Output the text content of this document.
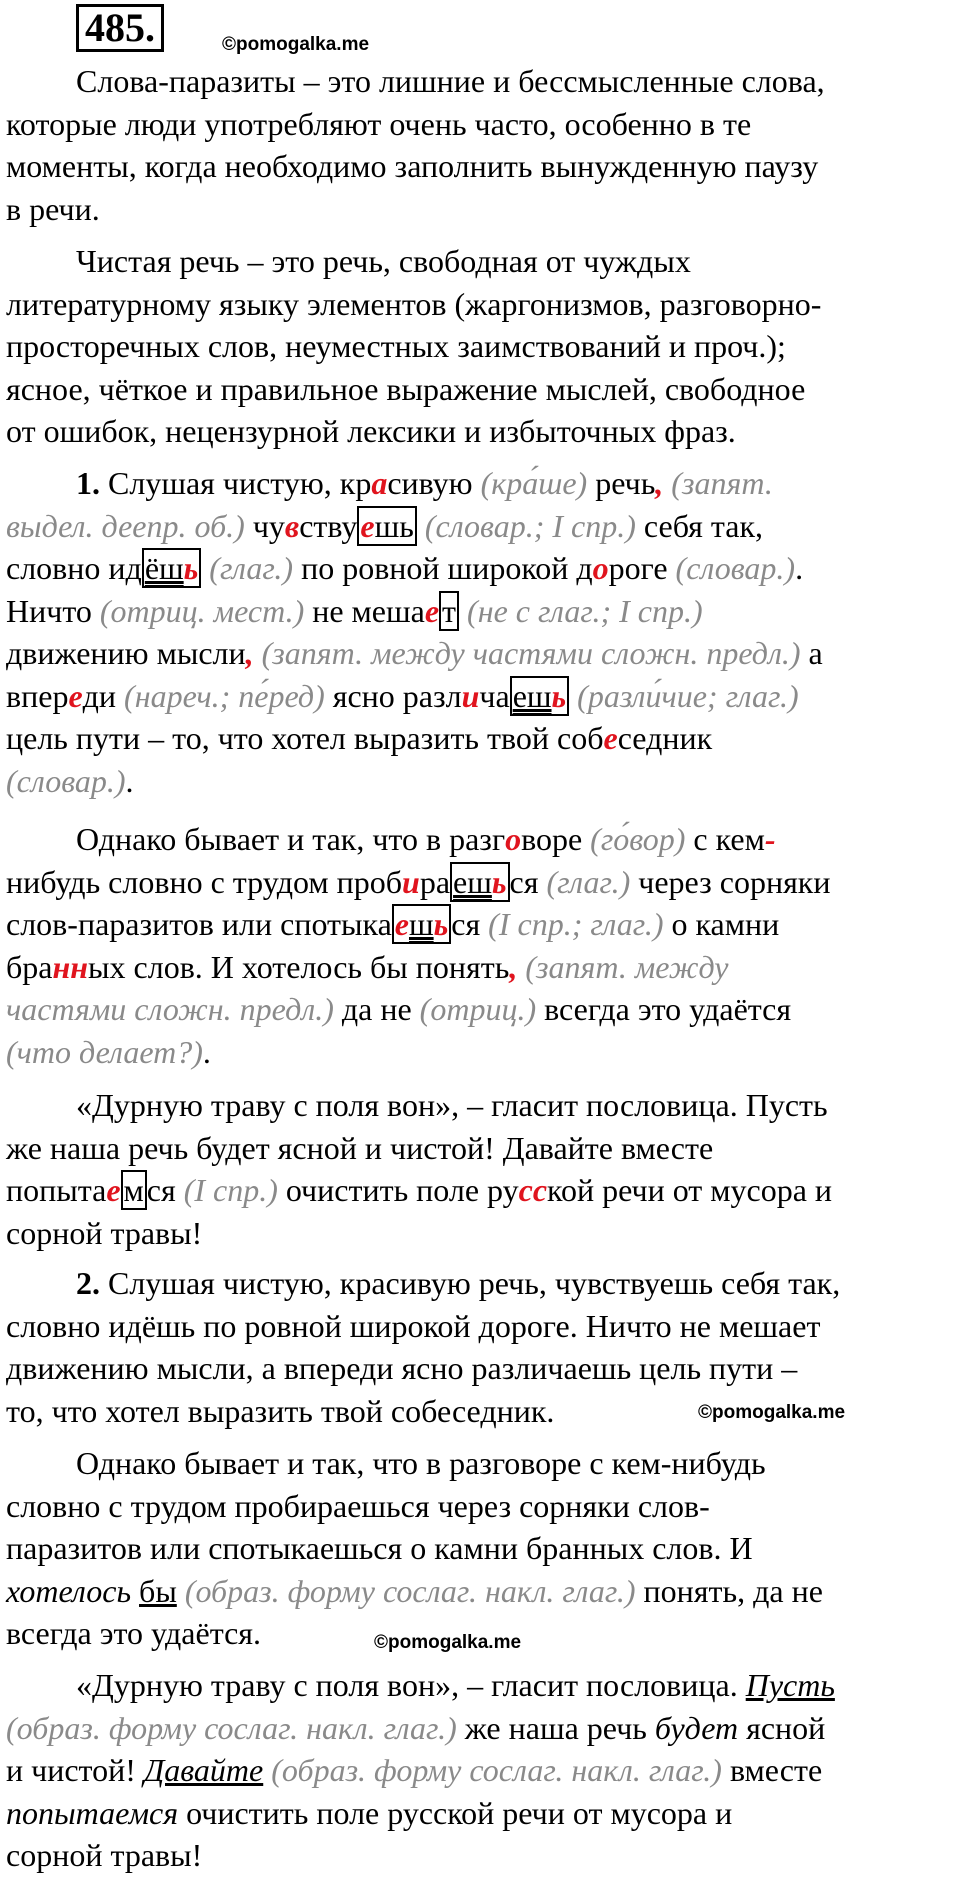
485.	©pomogalka.me

Слова-паразиты – это лишние и бессмысленные слова,
которые люди употребляют очень часто, особенно в те
моменты, когда необходимо заполнить вынужденную паузу
в речи.

Чистая речь – это речь, свободная от чуждых
литературному языку элементов (жаргонизмов, разговорно-
просторечных слов, неуместных заимствований и проч.);
ясное, чёткое и правильное выражение мыслей, свободное
от ошибок, нецензурной лексики и избыточных фраз.

1. Слушая чистую, красивую (кра́ше) речь, (запят.
выдел. деепр. об.) чувствуешь (словар.; I спр.) себя так,
словно идёшь (глаг.) по ровной широкой дороге (словар.).
Ничто (отриц. мест.) не мешaет (не с глаг.; I спр.)
движению мысли, (запят. между частями сложн. предл.) а
впереди (нареч.; пе́ред) ясно различаешь (разли́чие; глаг.)
цель пути – то, что хотел выразить твой собеседник
(словар.).

Однако бывает и так, что в разговоре (го́вор) с кем-
нибудь словно с трудом пробираешься (глаг.) через сорняки
слов-паразитов или спотыкаешься (I спр.; глаг.) о камни
бранных слов. И хотелось бы понять, (запят. между
частями сложн. предл.) да не (отриц.) всегда это удаётся
(что делает?).

«Дурную траву с поля вон», – гласит пословица. Пусть
же наша речь будет ясной и чистой! Давайте вместе
попытаемся (I спр.) очистить поле русской речи от мусора и
сорной травы!

2. Слушая чистую, красивую речь, чувствуешь себя так,
словно идёшь по ровной широкой дороге. Ничто не мешает
движению мысли, а впереди ясно различаешь цель пути –
то, что хотел выразить твой собеседник.	©pomogalka.me

Однако бывает и так, что в разговоре с кем-нибудь
словно с трудом пробираешься через сорняки слов-
паразитов или спотыкаешься о камни бранных слов. И
хотелось бы (образ. форму сослаг. накл. глаг.) понять, да не
всегда это удаётся.	©pomogalka.me

«Дурную траву с поля вон», – гласит пословица. Пусть
(образ. форму сослаг. накл. глаг.) же наша речь будет ясной
и чистой! Давайте (образ. форму сослаг. накл. глаг.) вместе
попытаемся очистить поле русской речи от мусора и
сорной травы!
